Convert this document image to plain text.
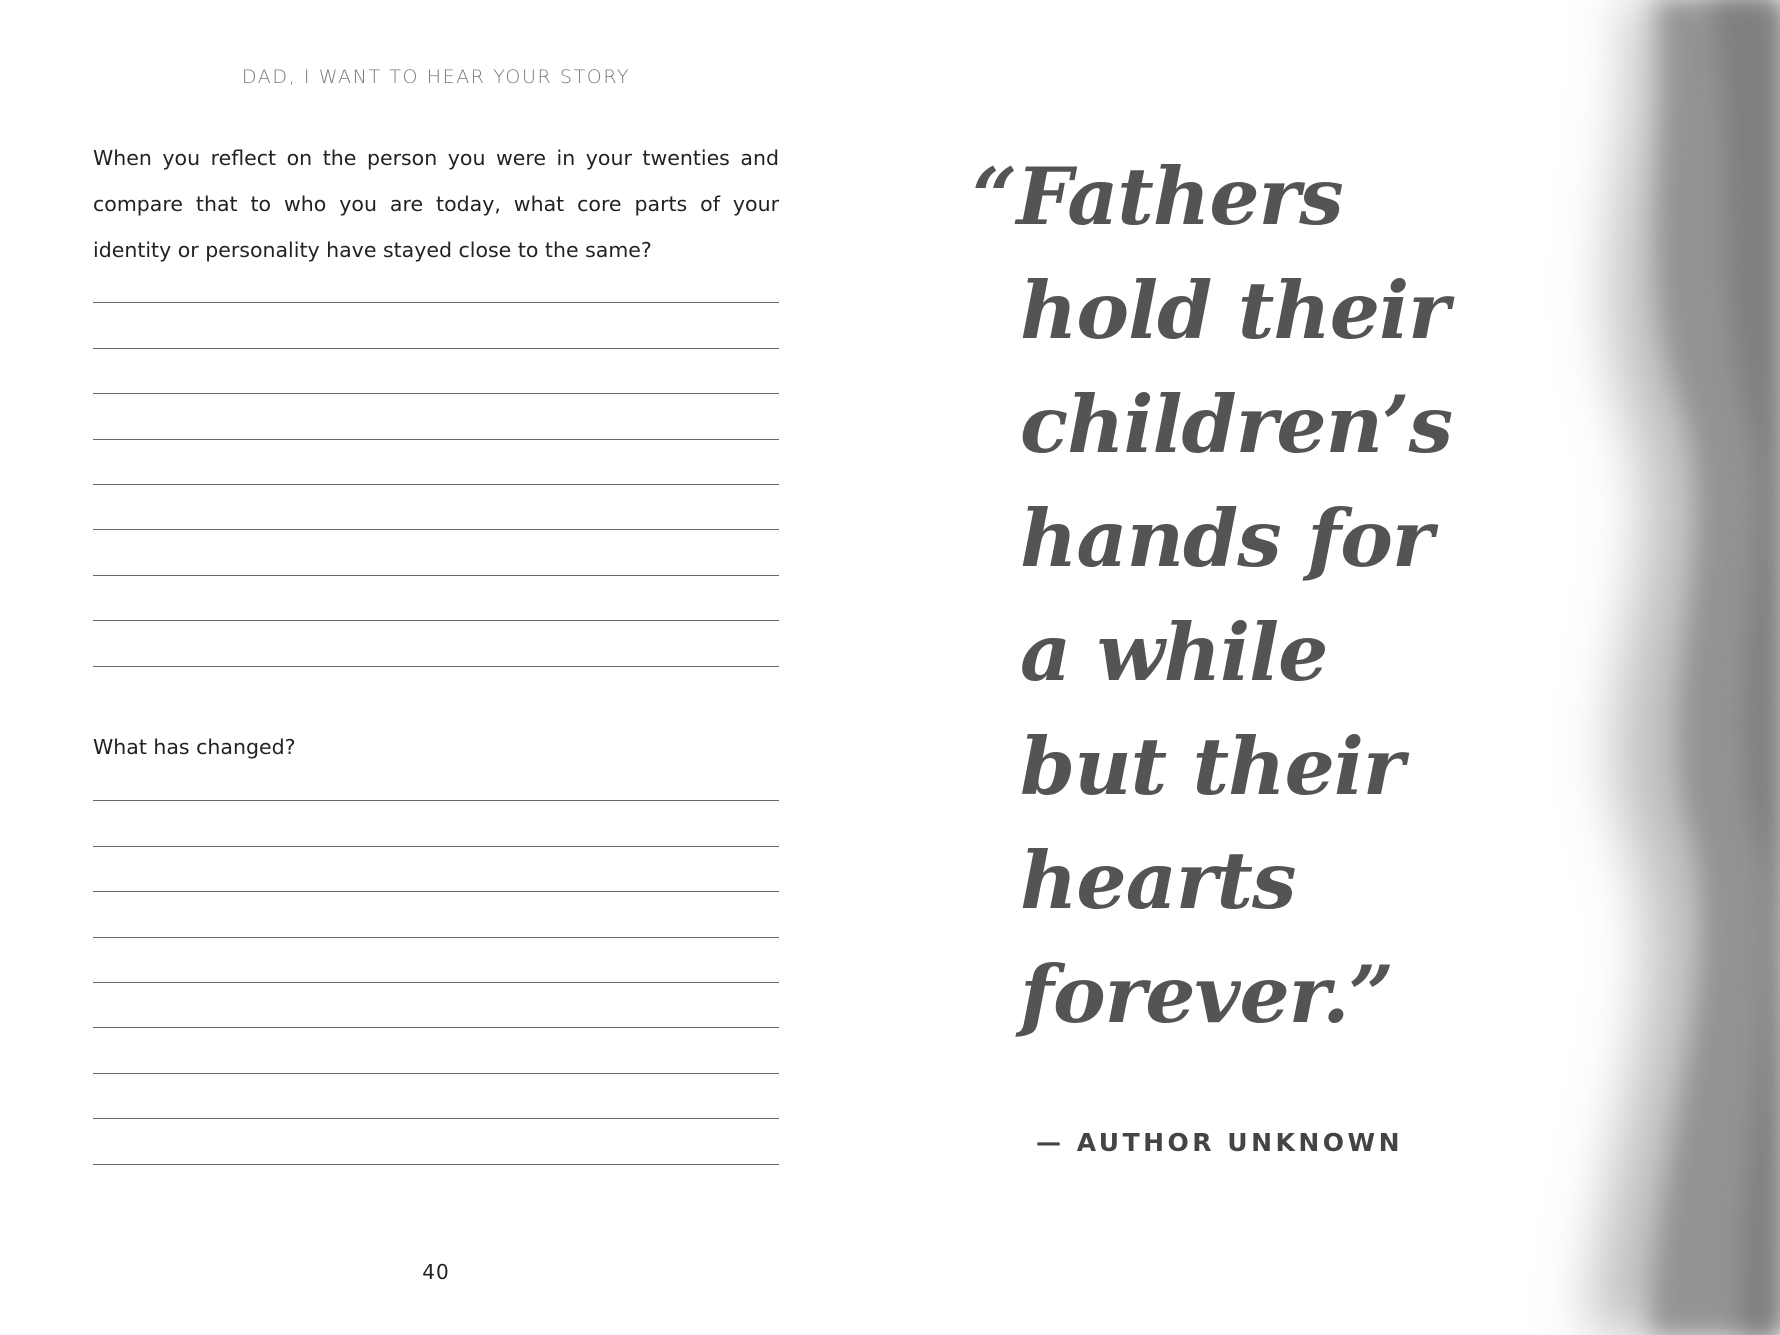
DAD, I WANT TO HEAR YOUR STORY

When you reflect on the person you were in your twenties and compare that to who you are today, what core parts of your identity or personality have stayed close to the same?

What has changed?

40
“Fathers
hold their
children’s
hands for
a while
but their
hearts
forever.”
— AUTHOR UNKNOWN
